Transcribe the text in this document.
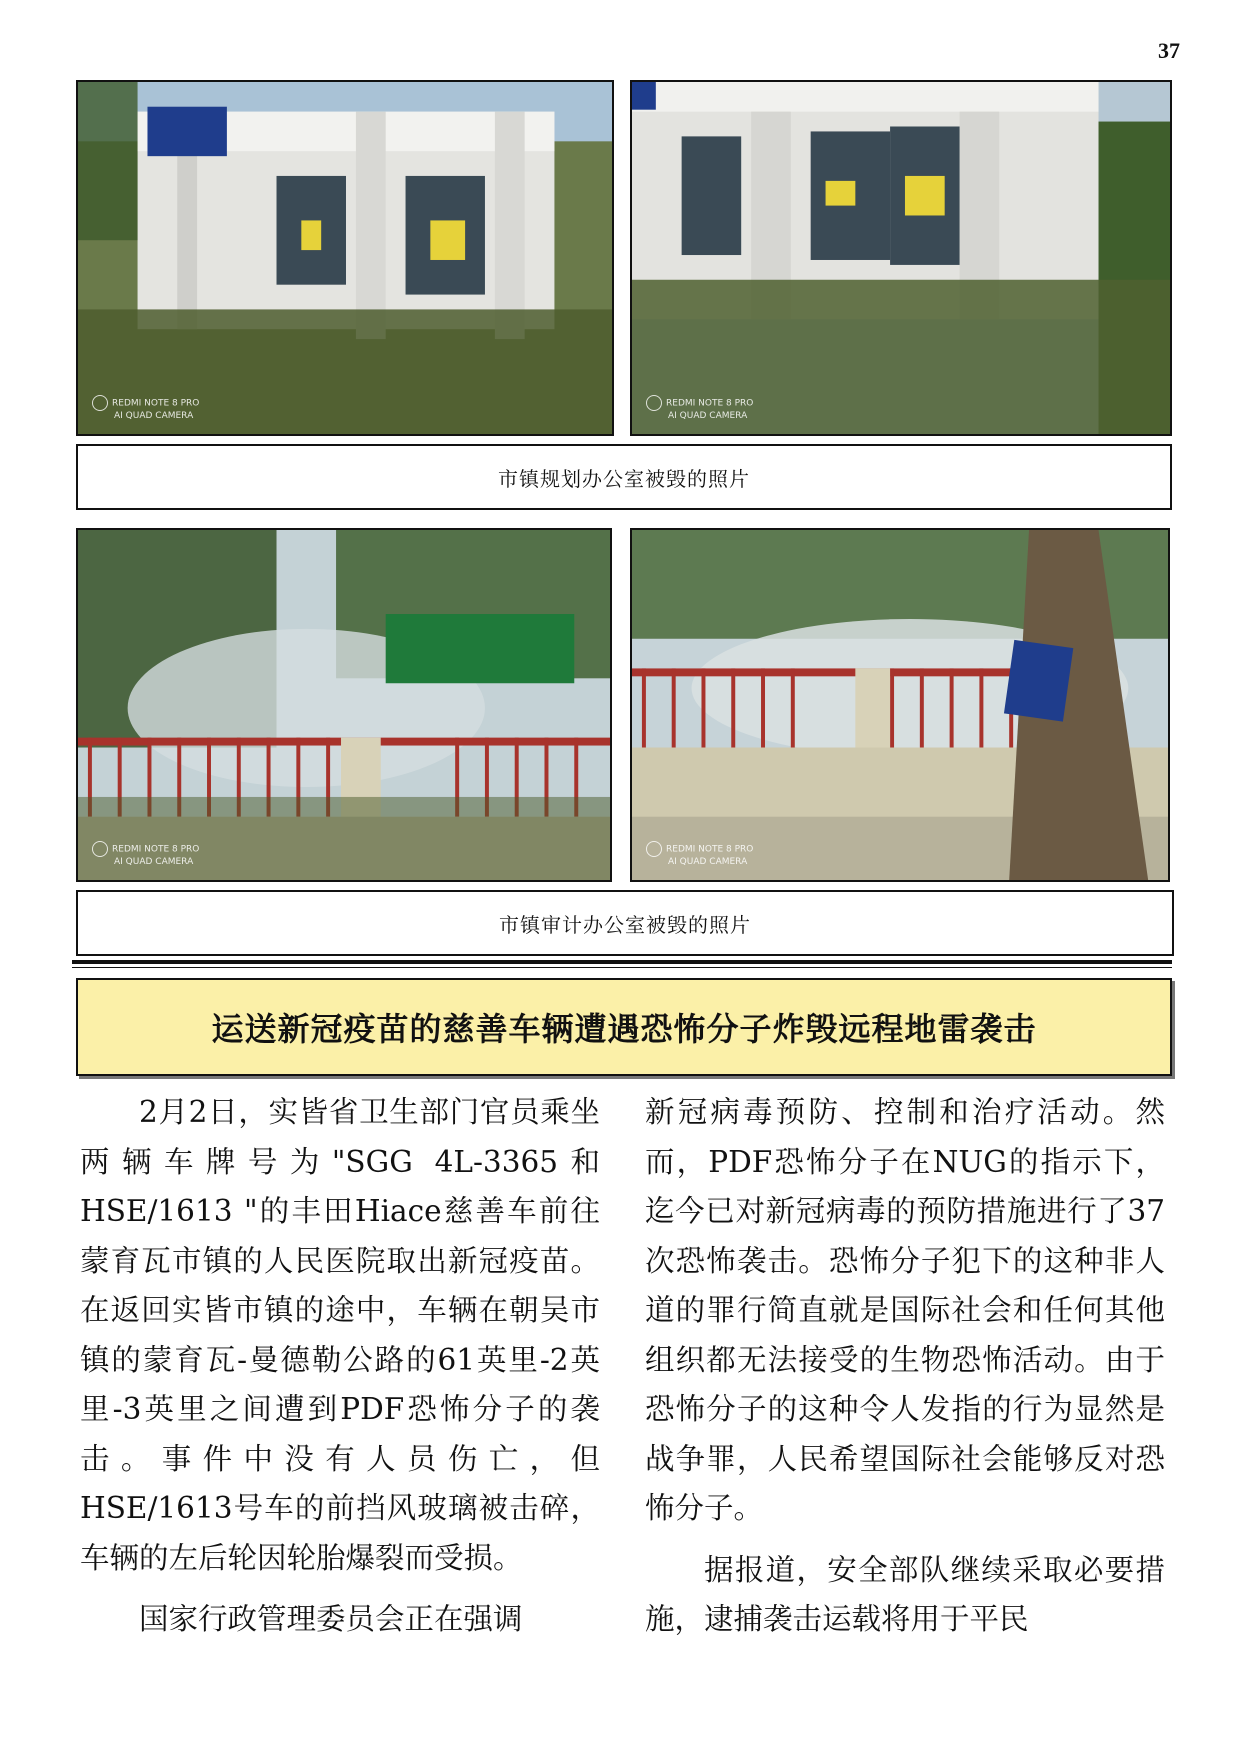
37
REDMI NOTE 8 PRO
AI QUAD CAMERA
REDMI NOTE 8 PRO
AI QUAD CAMERA
市镇规划办公室被毁的照片
REDMI NOTE 8 PRO
AI QUAD CAMERA
REDMI NOTE 8 PRO
AI QUAD CAMERA
市镇审计办公室被毁的照片
运送新冠疫苗的慈善车辆遭遇恐怖分子炸毁远程地雷袭击

2月2日，实皆省卫生部门官员乘坐两辆车牌号为"SGG 4L-3365和HSE/1613 "的丰田Hiace慈善车前往蒙育瓦市镇的人民医院取出新冠疫苗。在返回实皆市镇的途中，车辆在朝吴市镇的蒙育瓦-曼德勒公路的61英里-2英里-3英里之间遭到PDF恐怖分子的袭击。事件中没有人员伤亡，但HSE/1613号车的前挡风玻璃被击碎，车辆的左后轮因轮胎爆裂而受损。

国家行政管理委员会正在强调

新冠病毒预防、控制和治疗活动。然而，PDF恐怖分子在NUG的指示下，迄今已对新冠病毒的预防措施进行了37次恐怖袭击。恐怖分子犯下的这种非人道的罪行简直就是国际社会和任何其他组织都无法接受的生物恐怖活动。由于恐怖分子的这种令人发指的行为显然是战争罪，人民希望国际社会能够反对恐怖分子。

据报道，安全部队继续采取必要措施，逮捕袭击运载将用于平民
